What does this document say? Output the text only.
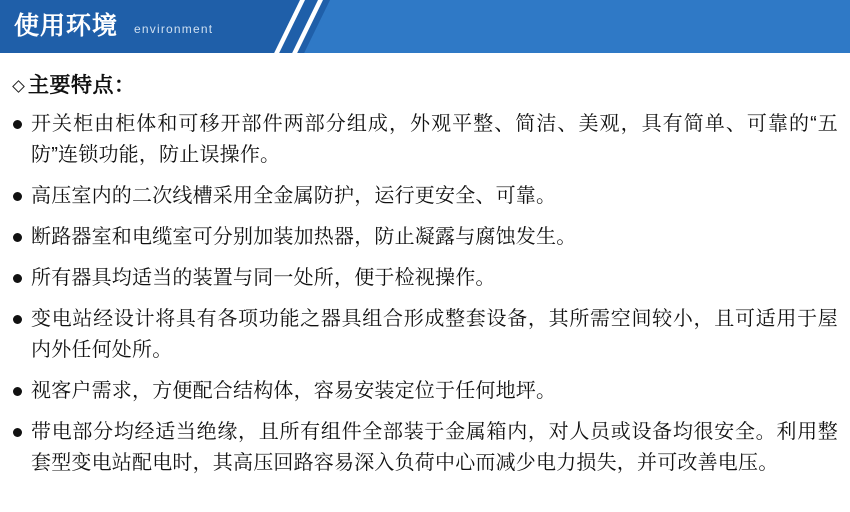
使用环境 environment
主要特点：
开关柜由柜体和可移开部件两部分组成，外观平整、简洁、美观，具有简单、可靠的“五防”连锁功能，防止误操作。
高压室内的二次线槽采用全金属防护，运行更安全、可靠。
断路器室和电缆室可分别加装加热器，防止凝露与腐蚀发生。
所有器具均适当的装置与同一处所，便于检视操作。
变电站经设计将具有各项功能之器具组合形成整套设备，其所需空间较小，且可适用于屋内外任何处所。
视客户需求，方便配合结构体，容易安装定位于任何地坪。
带电部分均经适当绝缘，且所有组件全部装于金属箱内，对人员或设备均很安全。利用整套型变电站配电时，其高压回路容易深入负荷中心而减少电力损失，并可改善电压。
